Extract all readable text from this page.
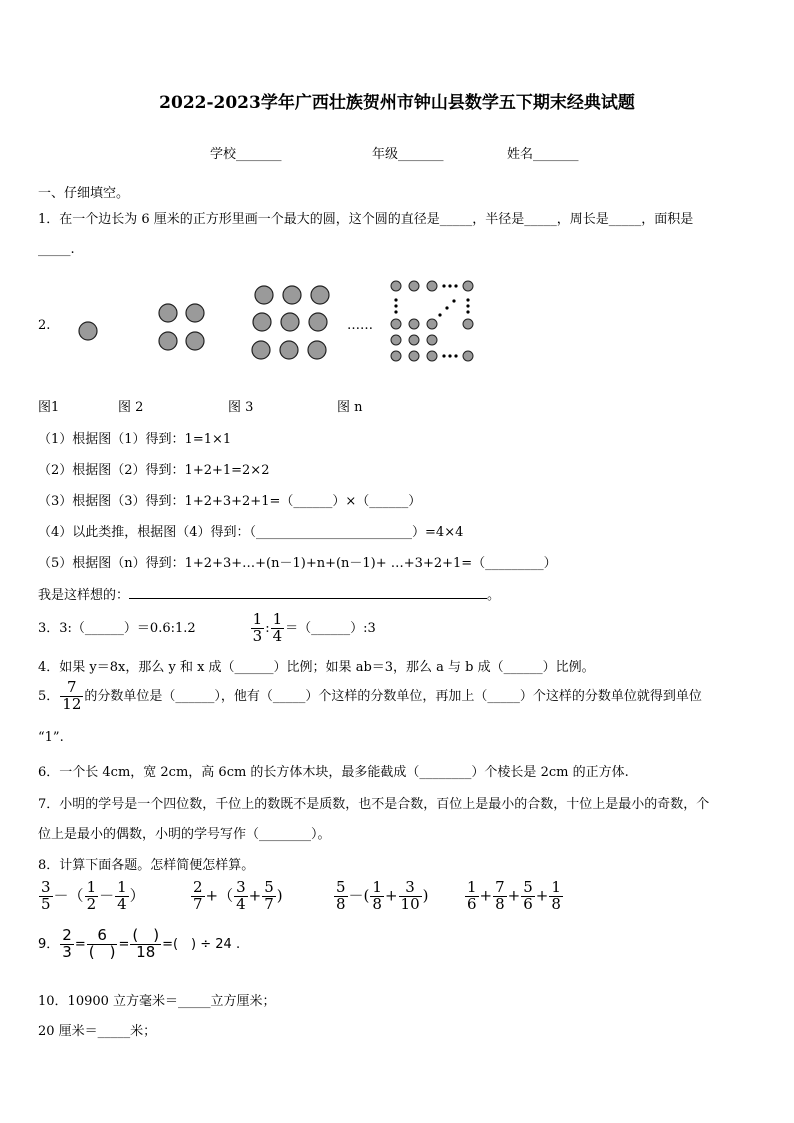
2022-2023学年广西壮族贺州市钟山县数学五下期末经典试题
学校_______	年级_______	姓名_______
一、仔细填空。
1．在一个边长为 6 厘米的正方形里画一个最大的圆，这个圆的直径是_____，半径是_____，周长是_____，面积是
_____.
2.	……
图1	图 2	图 3	图 n
（1）根据图（1）得到：1=1×1
（2）根据图（2）得到：1+2+1=2×2
（3）根据图（3）得到：1+2+3+2+1=（______）×（______）
（4）以此类推，根据图（4）得到：（________________________）=4×4
（5）根据图（n）得到：1+2+3+…+(n－1)+n+(n－1)+ …+3+2+1=（_________）
我是这样想的：	。
3．3:（______）＝0.6:1.2	$\frac{1}{3}$ : $\frac{1}{4}$ ＝（______）:3
4．如果 y＝8x，那么 y 和 x 成（______）比例；如果 ab＝3，那么 a 与 b 成（______）比例。
5． $\frac{7}{12}$ 的分数单位是（______），他有（_____）个这样的分数单位，再加上（_____）个这样的分数单位就得到单位
“1”.
6．一个长 4cm，宽 2cm，高 6cm 的长方体木块，最多能截成（________）个棱长是 2cm 的正方体.
7．小明的学号是一个四位数，千位上的数既不是质数，也不是合数，百位上是最小的合数，十位上是最小的奇数，个
位上是最小的偶数，小明的学号写作（________）。
8．计算下面各题。怎样简便怎样算。
$\frac{3}{5}$ －（ $\frac{1}{2} - \frac{1}{4}$ ）	$\frac{2}{7}$ +（ $\frac{3}{4} + \frac{5}{7}$ )	$\frac{5}{8}$ －( $\frac{1}{8} + \frac{3}{10}$ ) $\frac{1}{6} + \frac{7}{8} + \frac{5}{6} + \frac{1}{8}$
9． $\frac{2}{3} = \frac{6}{( )} = \frac{( )}{18}$ =(　) ÷ 24 .
10．10900 立方毫米＝_____立方厘米；
20 厘米＝_____米；
